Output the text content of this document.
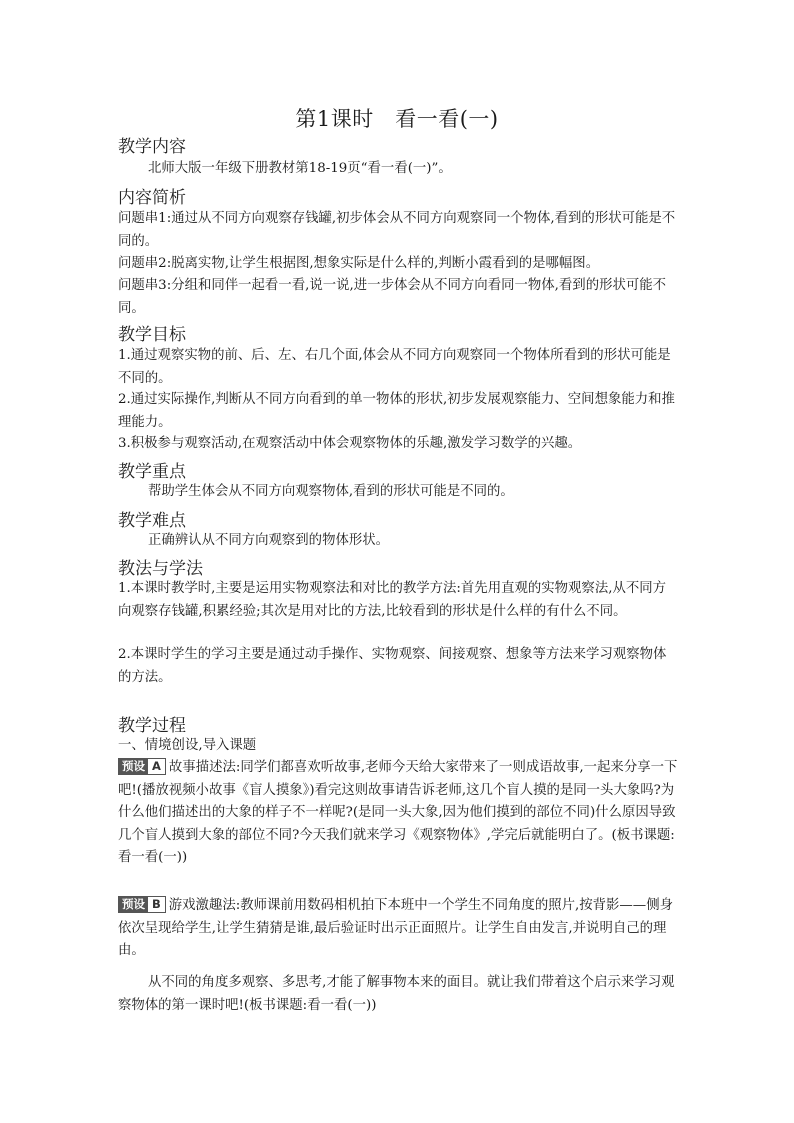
第1课时　看一看(一)
教学内容

北师大版一年级下册教材第18-19页“看一看(一)”。

内容简析

问题串1:通过从不同方向观察存钱罐,初步体会从不同方向观察同一个物体,看到的形状可能是不同的。

问题串2:脱离实物,让学生根据图,想象实际是什么样的,判断小霞看到的是哪幅图。

问题串3:分组和同伴一起看一看,说一说,进一步体会从不同方向看同一物体,看到的形状可能不同。

教学目标

1.通过观察实物的前、后、左、右几个面,体会从不同方向观察同一个物体所看到的形状可能是不同的。

2.通过实际操作,判断从不同方向看到的单一物体的形状,初步发展观察能力、空间想象能力和推理能力。

3.积极参与观察活动,在观察活动中体会观察物体的乐趣,激发学习数学的兴趣。

教学重点

帮助学生体会从不同方向观察物体,看到的形状可能是不同的。

教学难点

正确辨认从不同方向观察到的物体形状。

教法与学法

1.本课时教学时,主要是运用实物观察法和对比的教学方法:首先用直观的实物观察法,从不同方向观察存钱罐,积累经验;其次是用对比的方法,比较看到的形状是什么样的有什么不同。

2.本课时学生的学习主要是通过动手操作、实物观察、间接观察、想象等方法来学习观察物体的方法。

教学过程

一、情境创设,导入课题

预设 A 故事描述法:同学们都喜欢听故事,老师今天给大家带来了一则成语故事,一起来分享一下吧!(播放视频小故事《盲人摸象》)看完这则故事请告诉老师,这几个盲人摸的是同一头大象吗?为什么他们描述出的大象的样子不一样呢?(是同一头大象,因为他们摸到的部位不同)什么原因导致几个盲人摸到大象的部位不同?今天我们就来学习《观察物体》,学完后就能明白了。(板书课题:看一看(一))

预设 B 游戏激趣法:教师课前用数码相机拍下本班中一个学生不同角度的照片,按背影——侧身依次呈现给学生,让学生猜猜是谁,最后验证时出示正面照片。让学生自由发言,并说明自己的理由。

从不同的角度多观察、多思考,才能了解事物本来的面目。就让我们带着这个启示来学习观察物体的第一课时吧!(板书课题:看一看(一))
